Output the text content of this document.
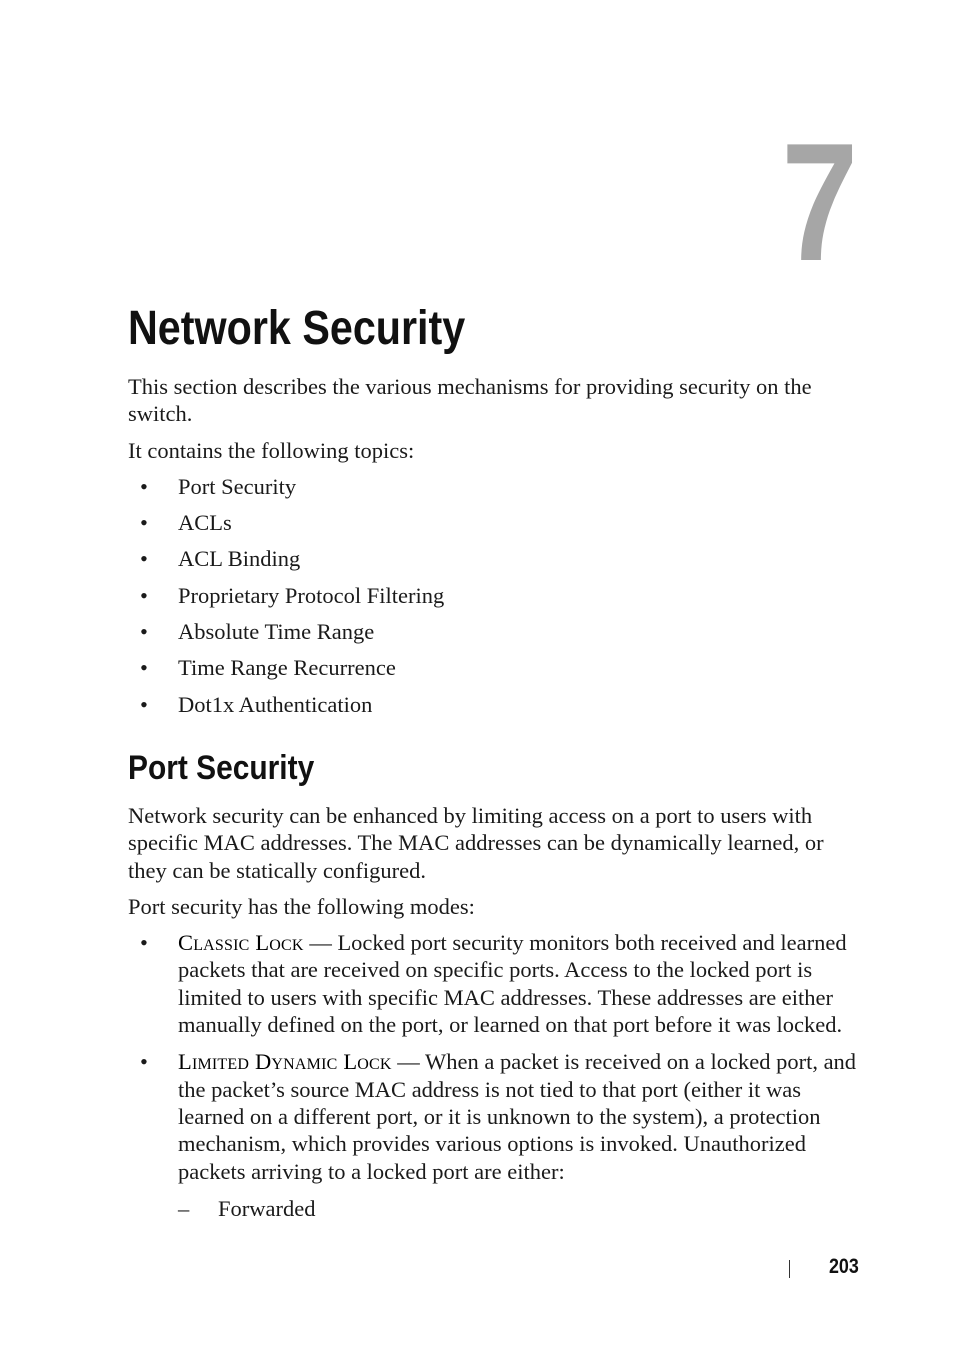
7
Network Security

This section describes the various mechanisms for providing security on the switch.

It contains the following topics:

• Port Security
• ACLs
• ACL Binding
• Proprietary Protocol Filtering
• Absolute Time Range
• Time Range Recurrence
• Dot1x Authentication
Port Security

Network security can be enhanced by limiting access on a port to users with specific MAC addresses. The MAC addresses can be dynamically learned, or they can be statically configured.

Port security has the following modes:

• Classic Lock — Locked port security monitors both received and learned packets that are received on specific ports. Access to the locked port is limited to users with specific MAC addresses. These addresses are either manually defined on the port, or learned on that port before it was locked.
• Limited Dynamic Lock — When a packet is received on a locked port, and the packet’s source MAC address is not tied to that port (either it was learned on a different port, or it is unknown to the system), a protection mechanism, which provides various options is invoked. Unauthorized packets arriving to a locked port are either:
– Forwarded
203
